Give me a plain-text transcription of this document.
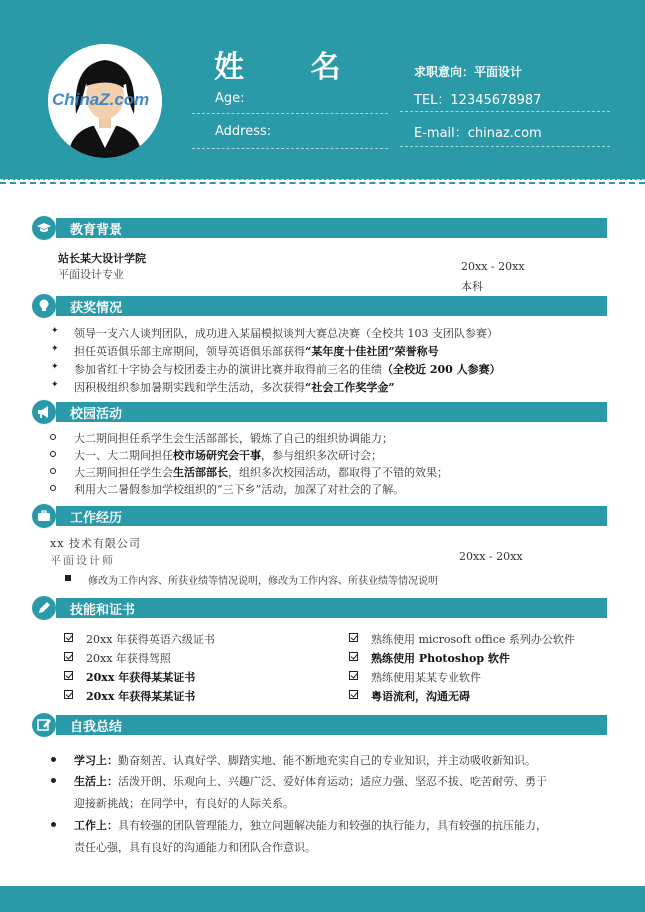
ChinaZ.com
姓 名
Age:
Address:
求职意向：平面设计
TEL：12345678987
E-mail：chinaz.com
教育背景
站长某大设计学院
平面设计专业
20xx - 20xx
本科
获奖情况
✦ 领导一支六人谈判团队，成功进入某届模拟谈判大赛总决赛（全校共 103 支团队参赛）
✦ 担任英语俱乐部主席期间，领导英语俱乐部获得“某年度十佳社团”荣誉称号
✦ 参加省红十字协会与校团委主办的演讲比赛并取得前三名的佳绩（全校近 200 人参赛）
✦ 因积极组织参加暑期实践和学生活动，多次获得“社会工作奖学金”
校园活动
大二期间担任系学生会生活部部长，锻炼了自己的组织协调能力；
大一、大二期间担任校市场研究会干事，参与组织多次研讨会；
大三期间担任学生会生活部部长，组织多次校园活动，都取得了不错的效果；
利用大二暑假参加学校组织的“三下乡”活动，加深了对社会的了解。
工作经历
xx 技术有限公司
平面设计师	20xx - 20xx
修改为工作内容、所获业绩等情况说明，修改为工作内容、所获业绩等情况说明
技能和证书
20xx 年获得英语六级证书
20xx 年获得驾照
20xx 年获得某某证书
20xx 年获得某某证书
熟练使用 microsoft office 系列办公软件
熟练使用 Photoshop 软件
熟练使用某某专业软件
粤语流利，沟通无碍
自我总结
学习上：勤奋刻苦、认真好学、脚踏实地、能不断地充实自己的专业知识，并主动吸收新知识。
生活上：活泼开朗、乐观向上、兴趣广泛、爱好体育运动；适应力强、坚忍不拔、吃苦耐劳、勇于
迎接新挑战；在同学中，有良好的人际关系。
工作上：具有较强的团队管理能力，独立问题解决能力和较强的执行能力，具有较强的抗压能力，
责任心强，具有良好的沟通能力和团队合作意识。
